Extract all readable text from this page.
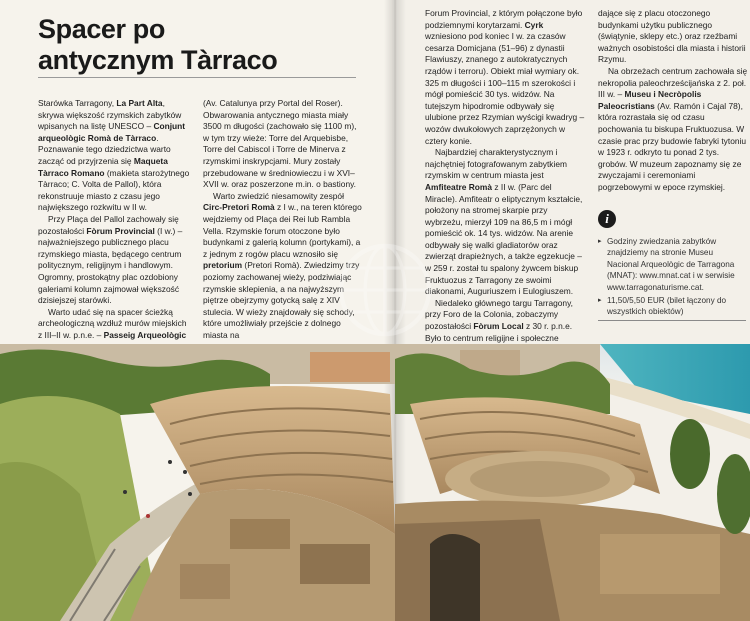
Spacer po
antycznym Tàrraco

Starówka Tarragony, La Part Alta, skrywa większość rzymskich zabytków wpisanych na listę UNESCO – Conjunt arqueològic Romà de Tàrraco. Poznawanie tego dziedzictwa warto zacząć od przyjrzenia się Maqueta Tàrraco Romano (makieta starożytnego Tàrraco; C. Volta de Pallol), która rekonstruuje miasto z czasu jego największego rozkwitu w II w.

Przy Plaça del Pallol zachowały się pozostałości Fòrum Provincial (I w.) – najważniejszego publicznego placu rzymskiego miasta, będącego centrum politycznym, religijnym i handlowym. Ogromny, prostokątny plac ozdobiony galeriami kolumn zajmował większość dzisiejszej starówki.

Warto udać się na spacer ścieżką archeologiczną wzdłuż murów miejskich z III–II w. p.n.e. – Passeig Arqueològic

(Av. Catalunya przy Portal del Roser). Obwarowania antycznego miasta miały 3500 m długości (zachowało się 1100 m), w tym trzy wieże: Torre del Arquebisbe, Torre del Cabiscol i Torre de Minerva z rzymskimi inskrypcjami. Mury zostały przebudowane w średniowieczu i w XVI–XVII w. oraz poszerzone m.in. o bastiony.

Warto zwiedzić niesamowity zespół Circ-Pretori Romà z I w., na teren którego wejdziemy od Plaça dei Rei lub Rambla Vella. Rzymskie forum otoczone było budynkami z galerią kolumn (portykami), a z jednym z rogów placu wznosiło się pretorium (Pretori Romà). Zwiedzimy trzy poziomy zachowanej wieży, podziwiając rzymskie sklepienia, a na najwyższym piętrze obejrzymy gotycką salę z XIV stulecia. W wieży znajdowały się schody, które umożliwiały przejście z dolnego miasta na

Forum Provincial, z którym połączone było podziemnymi korytarzami. Cyrk wzniesiono pod koniec I w. za czasów cesarza Domicjana (51–96) z dynastii Flawiuszy, znanego z autokratycznych rządów i terroru). Obiekt miał wymiary ok. 325 m długości i 100–115 m szerokości i mógł pomieścić 30 tys. widzów. Na tutejszym hipodromie odbywały się ulubione przez Rzymian wyścigi kwadryg – wozów dwukołowych zaprzężonych w cztery konie.

Najbardziej charakterystycznym i najchętniej fotografowanym zabytkiem rzymskim w centrum miasta jest Amfiteatre Romà z II w. (Parc del Miracle). Amfiteatr o eliptycznym kształcie, położony na stromej skarpie przy wybrzeżu, mierzył 109 na 86,5 m i mógł pomieścić ok. 14 tys. widzów. Na arenie odbywały się walki gladiatorów oraz zwierząt drapieżnych, a także egzekucje – w 259 r. został tu spalony żywcem biskup Fruktuozus z Tarragony ze swoimi diakonami, Auguriuszem i Eulogiuszem.

Niedaleko głównego targu Tarragony, przy Foro de la Colonia, zobaczymy pozostałości Fòrum Local z 30 r. p.n.e. Było to centrum religijne i społeczne

dające się z placu otoczonego budynkami użytku publicznego (świątynie, sklepy etc.) oraz rzeźbami ważnych osobistości dla miasta i historii Rzymu.

Na obrzeżach centrum zachowała się nekropolia paleochrześcijańska z 2. poł. III w. – Museu i Necròpolis Paleocristians (Av. Ramón i Cajal 78), która rozrastała się od czasu pochowania tu biskupa Fruktuozusa. W czasie prac przy budowie fabryki tytoniu w 1923 r. odkryto tu ponad 2 tys. grobów. W muzeum zapoznamy się ze zwyczajami i ceremoniami pogrzebowymi w epoce rzymskiej.

i
▸ Godziny zwiedzania zabytków znajdziemy na stronie Museu Nacional Arqueològic de Tarragona (MNAT): www.mnat.cat i w serwisie www.tarragonaturisme.cat.
▸ 11,50/5,50 EUR (bilet łączony do wszystkich obiektów)
